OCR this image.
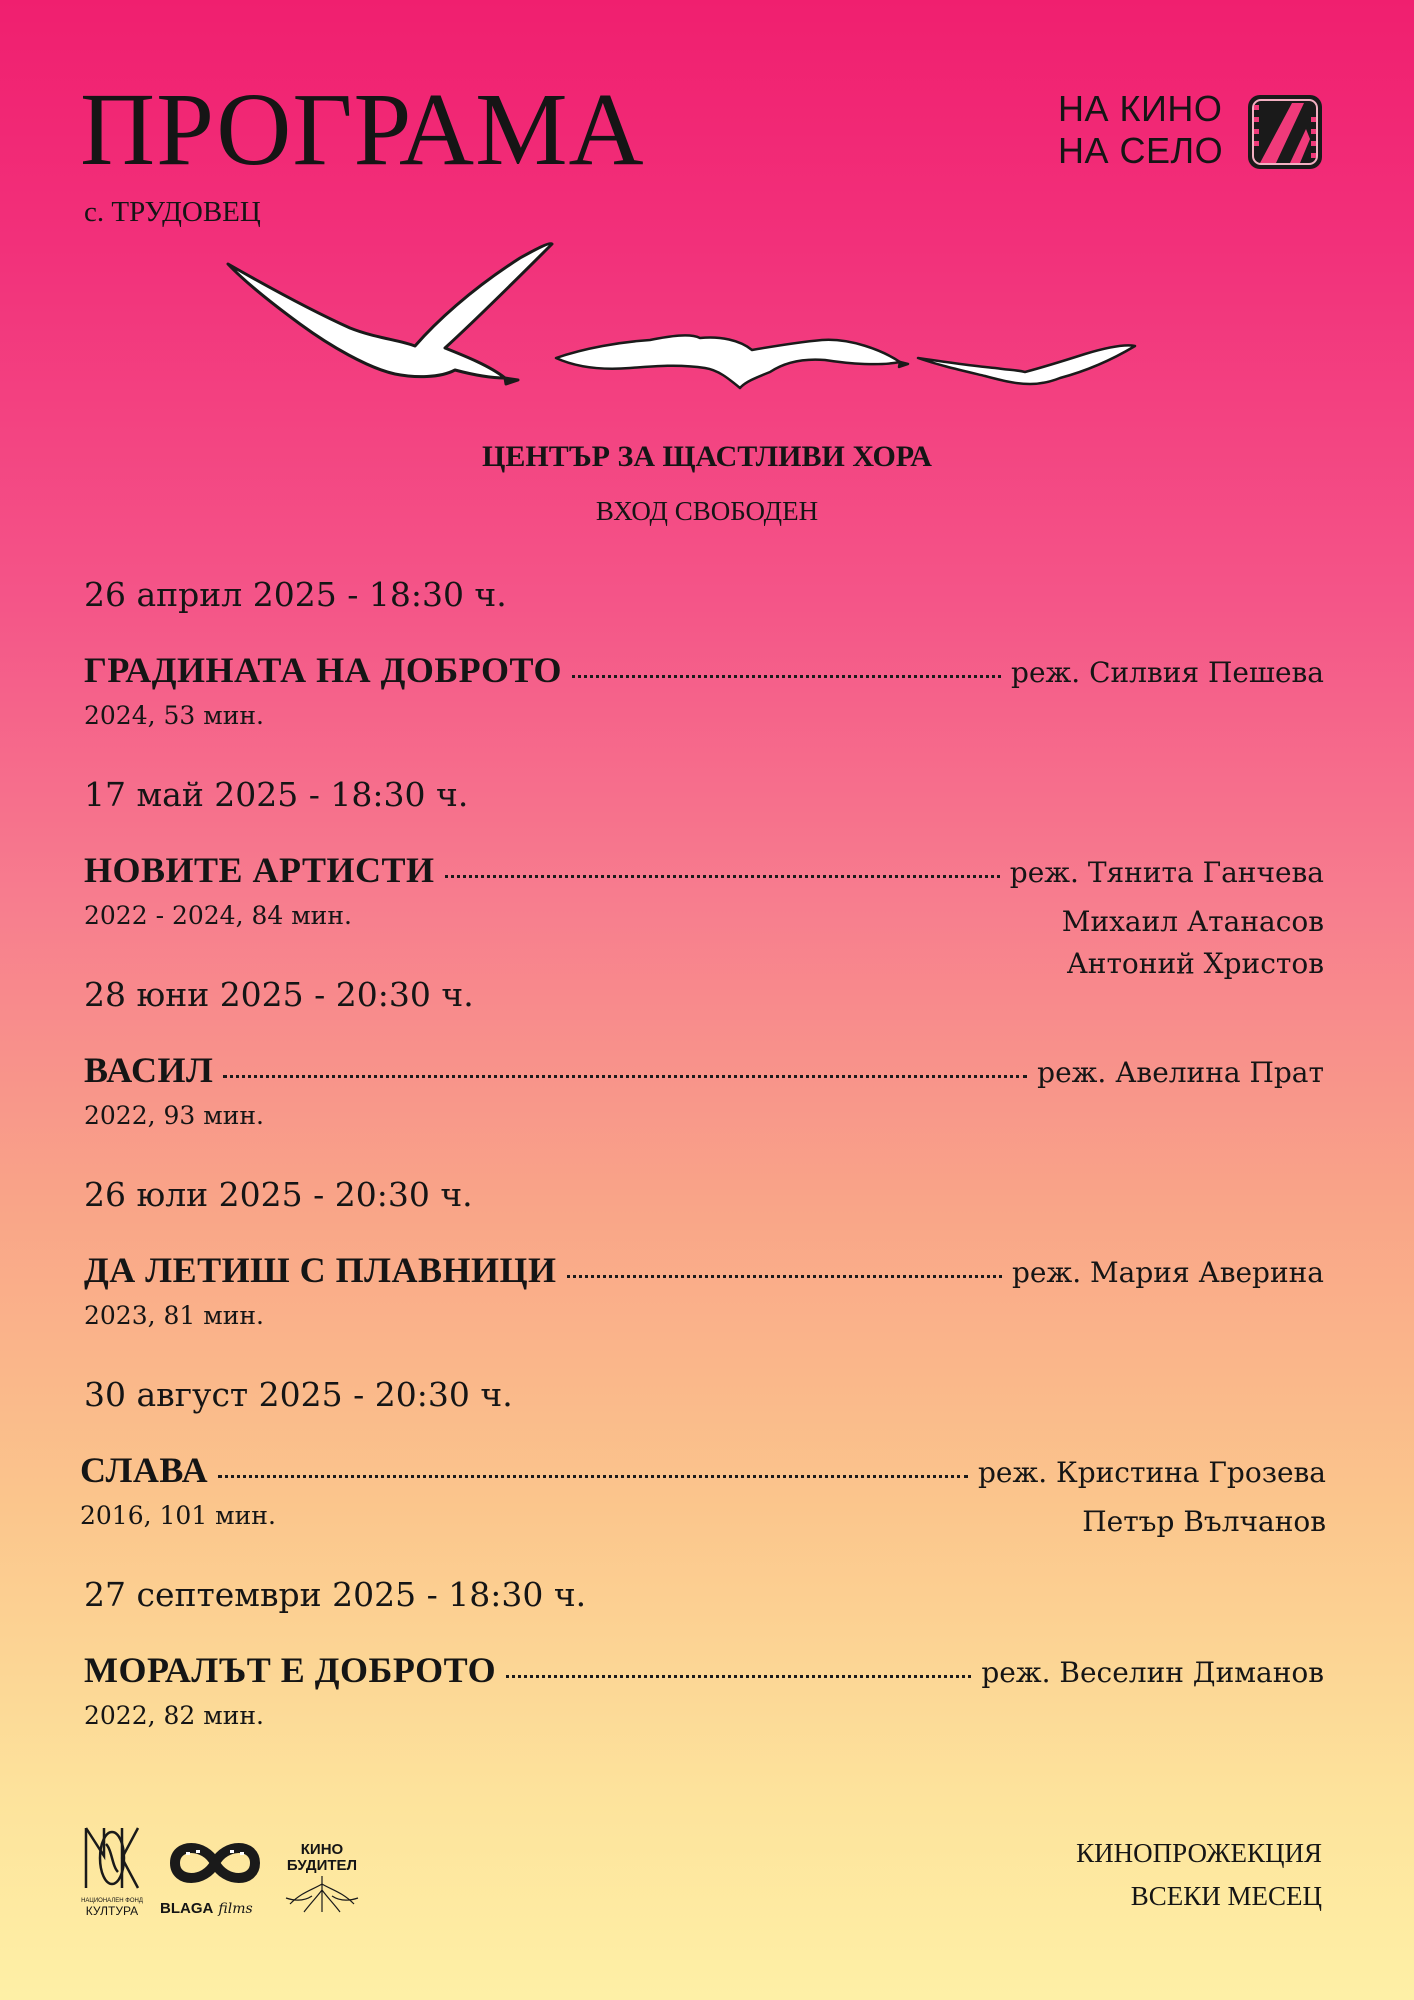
ПРОГРАМА
с. ТРУДОВЕЦ
НА КИНО
НА СЕЛО
ЦЕНТЪР ЗА ЩАСТЛИВИ ХОРА
ВХОД СВОБОДЕН
26 април 2025 - 18:30 ч.
ГРАДИНАТА НА ДОБРОТО	реж. Силвия Пешева
2024, 53 мин.
17 май 2025 - 18:30 ч.
НОВИТЕ АРТИСТИ	реж. Тянита Ганчева
2022 - 2024, 84 мин.	Михаил Атанасов
Антоний Христов
28 юни 2025 - 20:30 ч.
ВАСИЛ	реж. Авелина Прат
2022, 93 мин.
26 юли 2025 - 20:30 ч.
ДА ЛЕТИШ С ПЛАВНИЦИ	реж. Мария Аверина
2023, 81 мин.
30 август 2025 - 20:30 ч.
СЛАВА	реж. Кристина Грозева
2016, 101 мин.	Петър Вълчанов
27 септември 2025 - 18:30 ч.
МОРАЛЪТ Е ДОБРОТО	реж. Веселин Диманов
2022, 82 мин.
НАЦИОНАЛЕН ФОНД
КУЛТУРА	BLAGA films
КИНО
БУДИТЕЛ	КИНОПРОЖЕКЦИЯ
ВСЕКИ МЕСЕЦ
